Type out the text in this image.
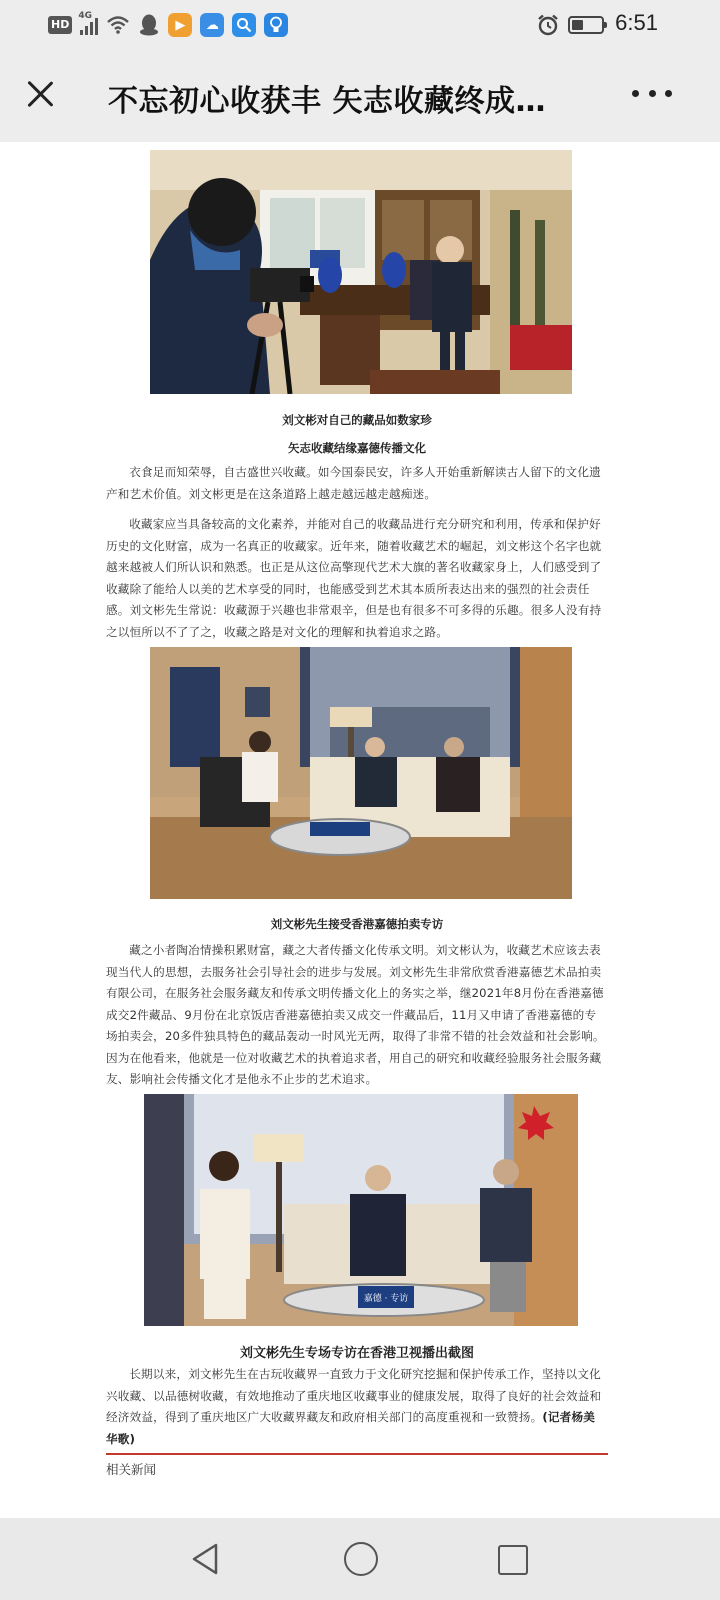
HD
4G
▶	☁	6:51
不忘初心收获丰 矢志收藏终成…
刘文彬对自己的藏品如数家珍
矢志收藏结缘嘉德传播文化

衣食足而知荣辱，自古盛世兴收藏。如今国泰民安，许多人开始重新解读古人留下的文化遗产和艺术价值。刘文彬更是在这条道路上越走越远越走越痴迷。

收藏家应当具备较高的文化素养，并能对自己的收藏品进行充分研究和利用，传承和保护好历史的文化财富，成为一名真正的收藏家。近年来，随着收藏艺术的崛起，刘文彬这个名字也就越来越被人们所认识和熟悉。也正是从这位高擎现代艺术大旗的著名收藏家身上，人们感受到了收藏除了能给人以美的艺术享受的同时，也能感受到艺术其本质所表达出来的强烈的社会责任感。刘文彬先生常说：收藏源于兴趣也非常艰辛，但是也有很多不可多得的乐趣。很多人没有持之以恒所以不了了之，收藏之路是对文化的理解和执着追求之路。

刘文彬先生接受香港嘉德拍卖专访

藏之小者陶冶情操积累财富，藏之大者传播文化传承文明。刘文彬认为，收藏艺术应该去表现当代人的思想，去服务社会引导社会的进步与发展。刘文彬先生非常欣赏香港嘉德艺术品拍卖有限公司，在服务社会服务藏友和传承文明传播文化上的务实之举，继2021年8月份在香港嘉德成交2件藏品、9月份在北京饭店香港嘉德拍卖又成交一件藏品后，11月又申请了香港嘉德的专场拍卖会，20多件独具特色的藏品轰动一时风光无两，取得了非常不错的社会效益和社会影响。因为在他看来，他就是一位对收藏艺术的执着追求者，用自己的研究和收藏经验服务社会服务藏友、影响社会传播文化才是他永不止步的艺术追求。

嘉德 · 专访
刘文彬先生专场专访在香港卫视播出截图

长期以来，刘文彬先生在古玩收藏界一直致力于文化研究挖掘和保护传承工作，坚持以文化兴收藏、以品德树收藏，有效地推动了重庆地区收藏事业的健康发展，取得了良好的社会效益和经济效益，得到了重庆地区广大收藏界藏友和政府相关部门的高度重视和一致赞扬。(记者杨美 华歌)

相关新闻
